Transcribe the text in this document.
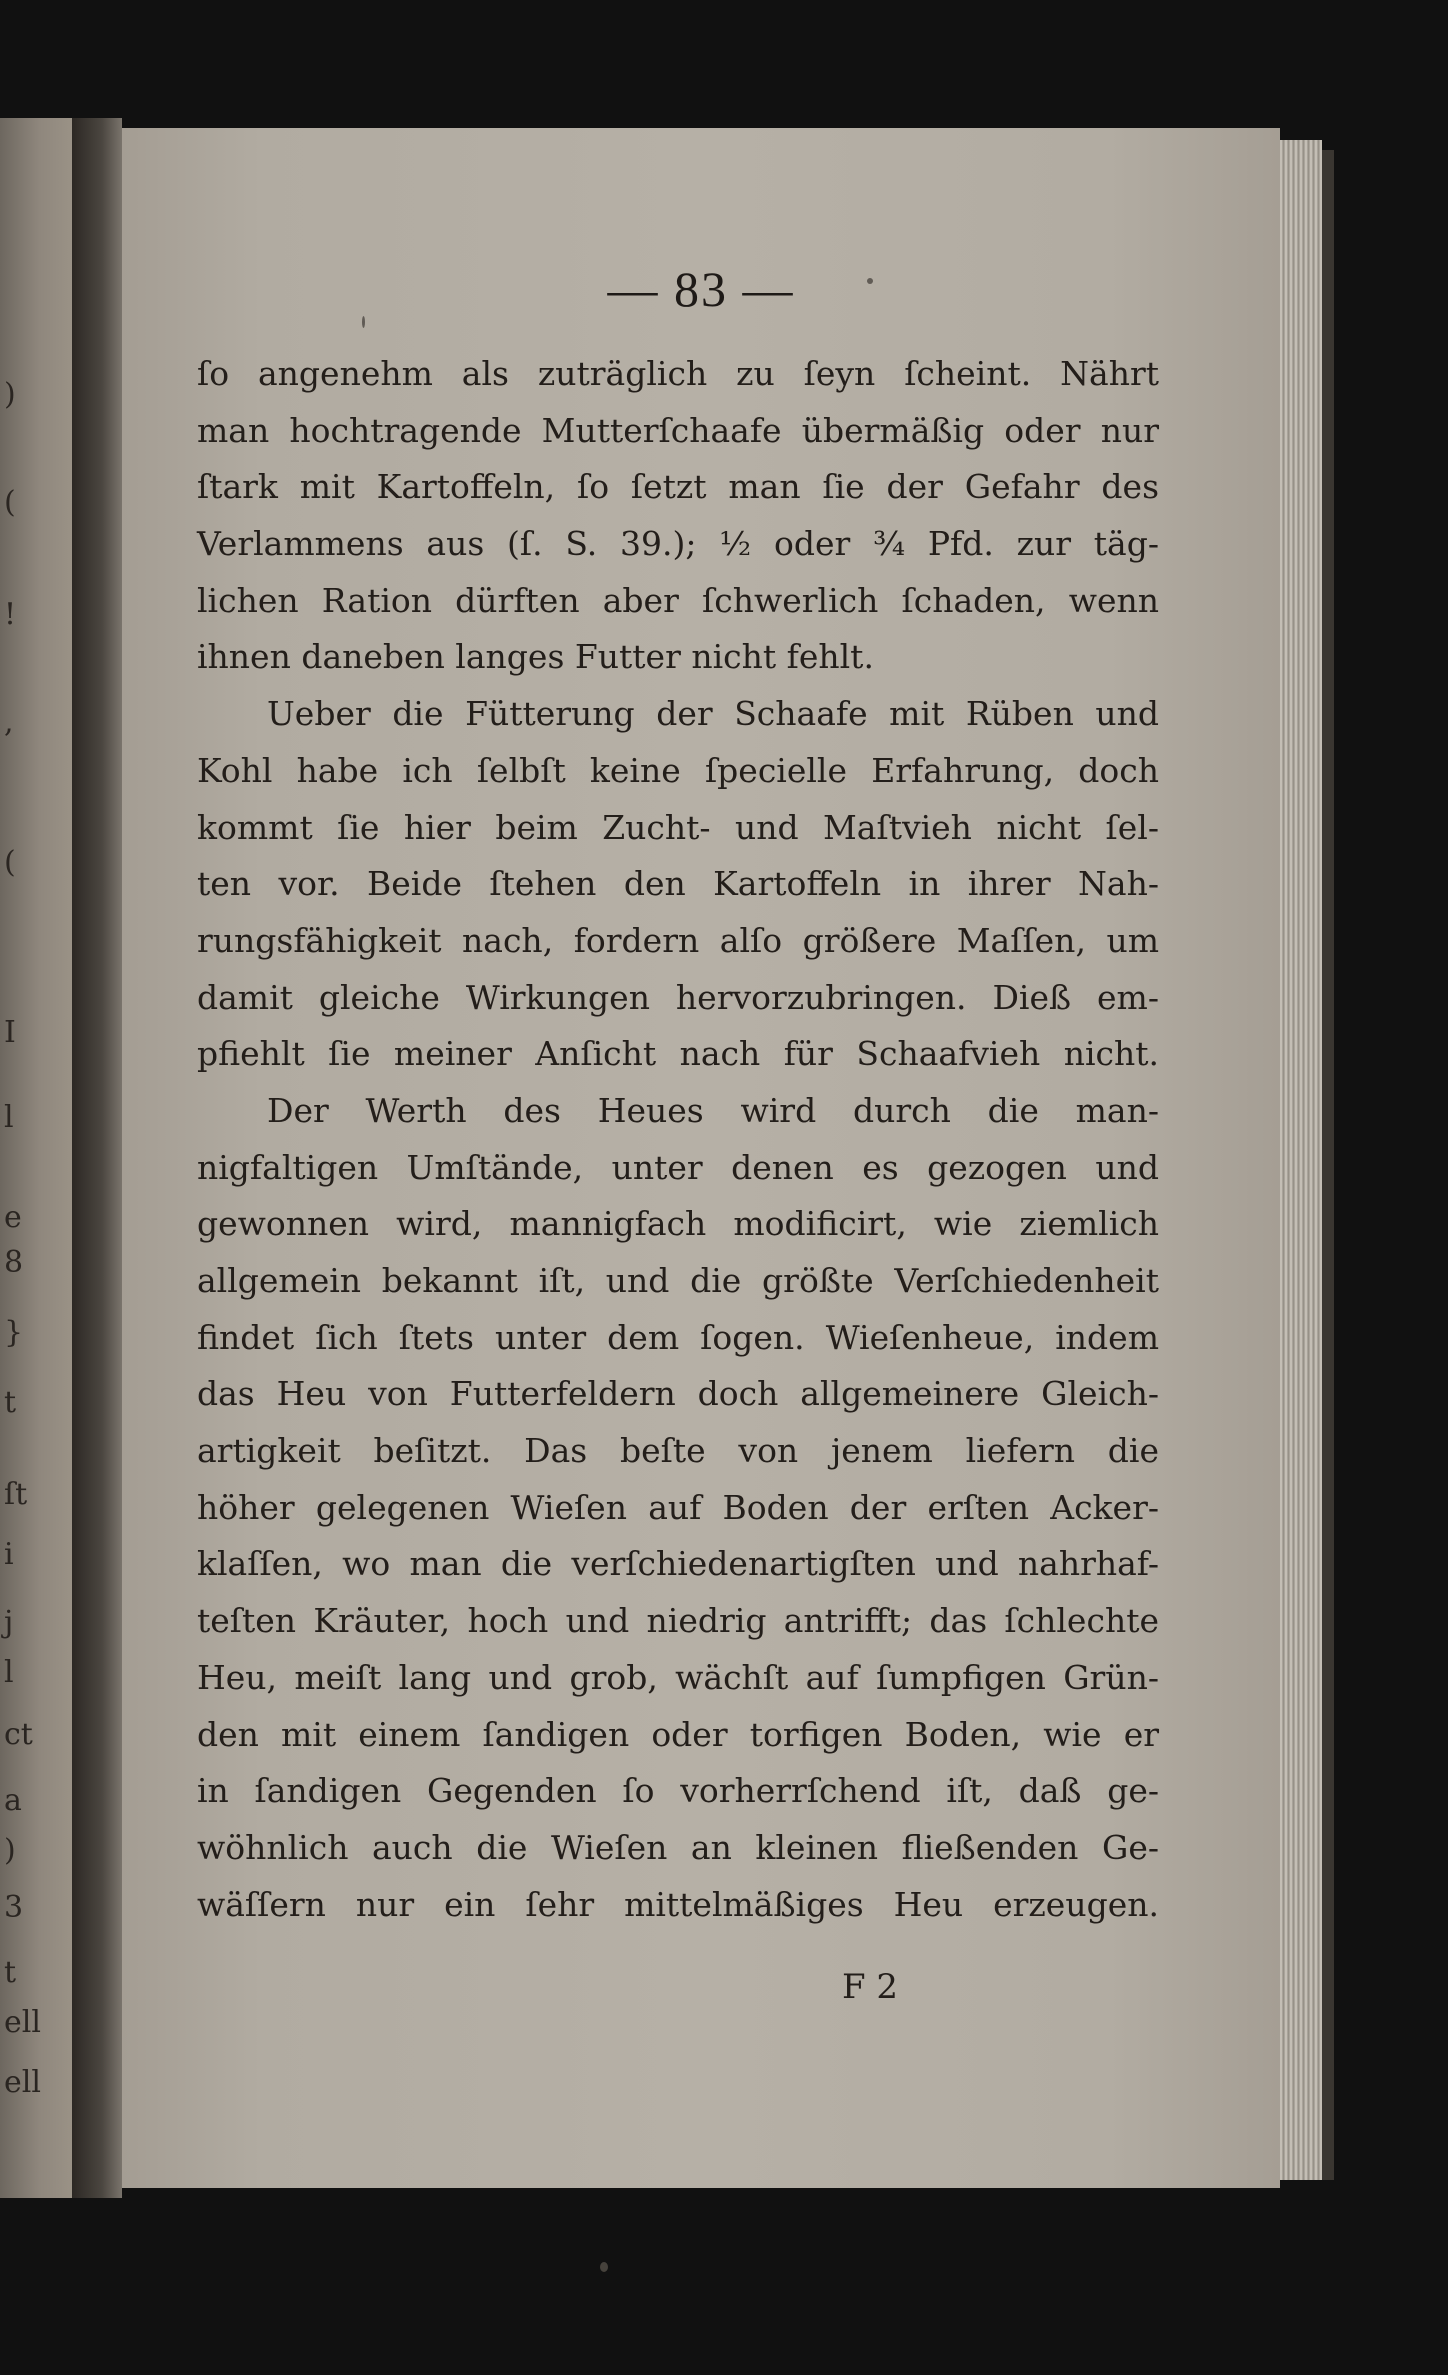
)
(
!
,
(
I
l
e
8
}
t
ſt
i
j
l
ct
a
)
3
t
ell
ell
— 83 —
ſo angenehm als zuträglich zu ſeyn ſcheint. Nährt
man hochtragende Mutterſchaafe übermäßig oder nur
ſtark mit Kartoffeln, ſo ſetzt man ſie der Gefahr des
Verlammens aus (ſ. S. 39.); ½ oder ¾ Pfd. zur täg-
lichen Ration dürften aber ſchwerlich ſchaden, wenn
ihnen daneben langes Futter nicht fehlt.
Ueber die Fütterung der Schaafe mit Rüben und
Kohl habe ich ſelbſt keine ſpecielle Erfahrung, doch
kommt ſie hier beim Zucht- und Maſtvieh nicht ſel-
ten vor. Beide ſtehen den Kartoffeln in ihrer Nah-
rungsfähigkeit nach, fordern alſo größere Maſſen, um
damit gleiche Wirkungen hervorzubringen. Dieß em-
pfiehlt ſie meiner Anſicht nach für Schaafvieh nicht.
Der Werth des Heues wird durch die man-
nigfaltigen Umſtände, unter denen es gezogen und
gewonnen wird, mannigfach modificirt, wie ziemlich
allgemein bekannt iſt, und die größte Verſchiedenheit
findet ſich ſtets unter dem ſogen. Wieſenheue, indem
das Heu von Futterfeldern doch allgemeinere Gleich-
artigkeit beſitzt. Das beſte von jenem liefern die
höher gelegenen Wieſen auf Boden der erſten Acker-
klaſſen, wo man die verſchiedenartigſten und nahrhaf-
teſten Kräuter, hoch und niedrig antrifft; das ſchlechte
Heu, meiſt lang und grob, wächſt auf ſumpfigen Grün-
den mit einem ſandigen oder torfigen Boden, wie er
in ſandigen Gegenden ſo vorherrſchend iſt, daß ge-
wöhnlich auch die Wieſen an kleinen fließenden Ge-
wäſſern nur ein ſehr mittelmäßiges Heu erzeugen.
F 2
